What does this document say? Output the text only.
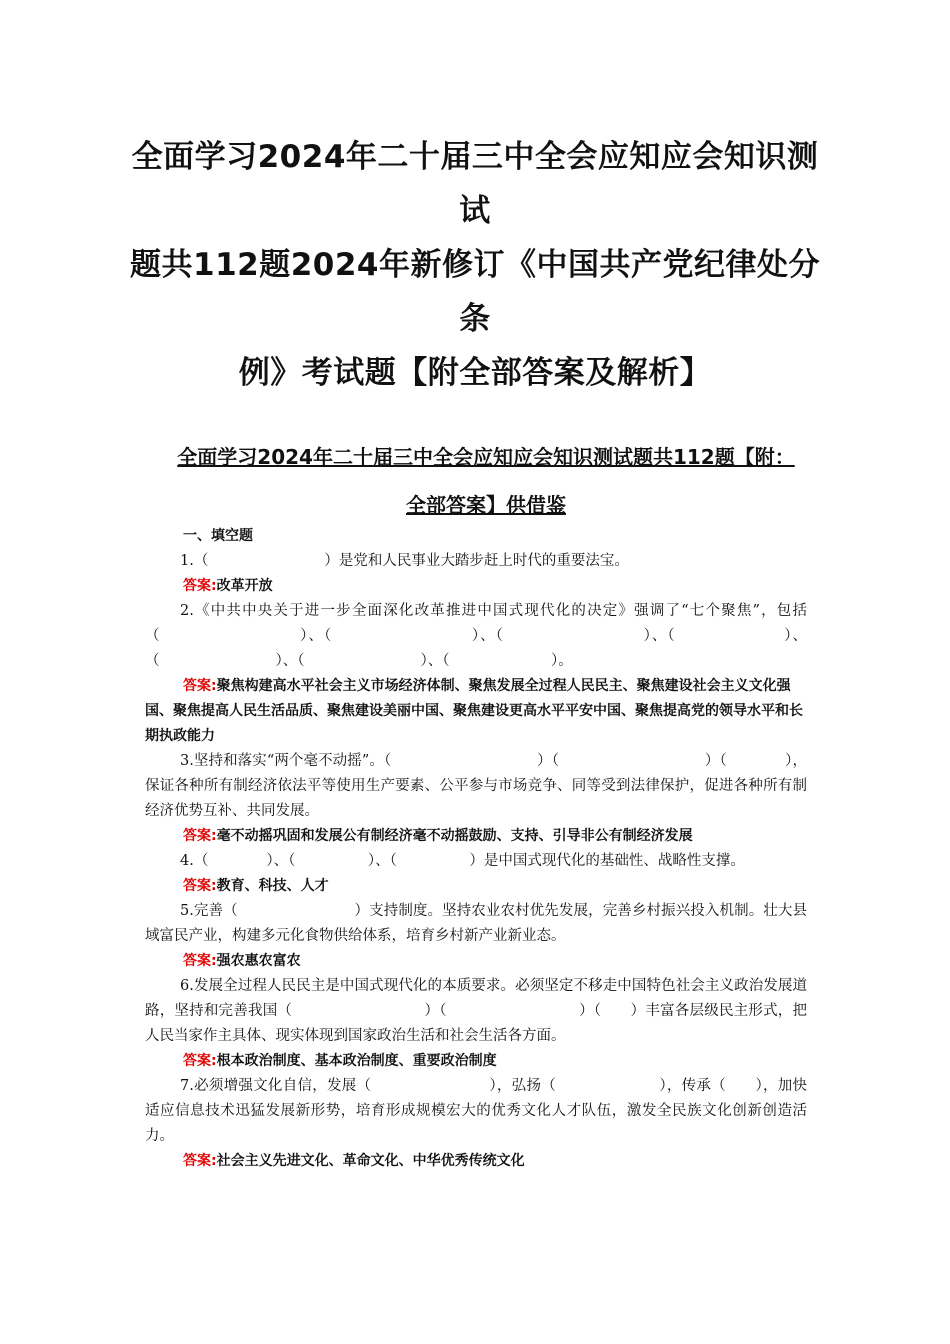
全面学习2024年二十届三中全会应知应会知识测试
题共112题2024年新修订《中国共产党纪律处分条
例》考试题【附全部答案及解析】
全面学习2024年二十届三中全会应知应会知识测试题共112题【附：
全部答案】供借鉴
一、填空题

1.（　　　　　　　　）是党和人民事业大踏步赶上时代的重要法宝。

答案:改革开放

2.《中共中央关于进一步全面深化改革推进中国式现代化的决定》强调了“七个聚焦”，包括（　　　　　　　　　）、（　　　　　　　　　）、（　　　　　　　　　）、（　　　　　　　）、（　　　　　　　　）、（　　　　　　　　）、（　　　　　　　）。

答案:聚焦构建高水平社会主义市场经济体制、聚焦发展全过程人民民主、聚焦建设社会主义文化强国、聚焦提高人民生活品质、聚焦建设美丽中国、聚焦建设更高水平平安中国、聚焦提高党的领导水平和长期执政能力

3.坚持和落实“两个毫不动摇”。（　　　　　　　　　　）（　　　　　　　　　　）（　　　　），保证各种所有制经济依法平等使用生产要素、公平参与市场竞争、同等受到法律保护，促进各种所有制经济优势互补、共同发展。

答案:毫不动摇巩固和发展公有制经济毫不动摇鼓励、支持、引导非公有制经济发展

4.（　　　　）、（　　　　　）、（　　　　　）是中国式现代化的基础性、战略性支撑。

答案:教育、科技、人才

5.完善（　　　　　　　　）支持制度。坚持农业农村优先发展，完善乡村振兴投入机制。壮大县域富民产业，构建多元化食物供给体系，培育乡村新产业新业态。

答案:强农惠农富农

6.发展全过程人民民主是中国式现代化的本质要求。必须坚定不移走中国特色社会主义政治发展道路，坚持和完善我国（　　　　　　　　　）（　　　　　　　　　）（　　）丰富各层级民主形式，把人民当家作主具体、现实体现到国家政治生活和社会生活各方面。

答案:根本政治制度、基本政治制度、重要政治制度

7.必须增强文化自信，发展（　　　　　　　　），弘扬（　　　　　　　），传承（　　），加快适应信息技术迅猛发展新形势，培育形成规模宏大的优秀文化人才队伍，激发全民族文化创新创造活力。

答案:社会主义先进文化、革命文化、中华优秀传统文化
